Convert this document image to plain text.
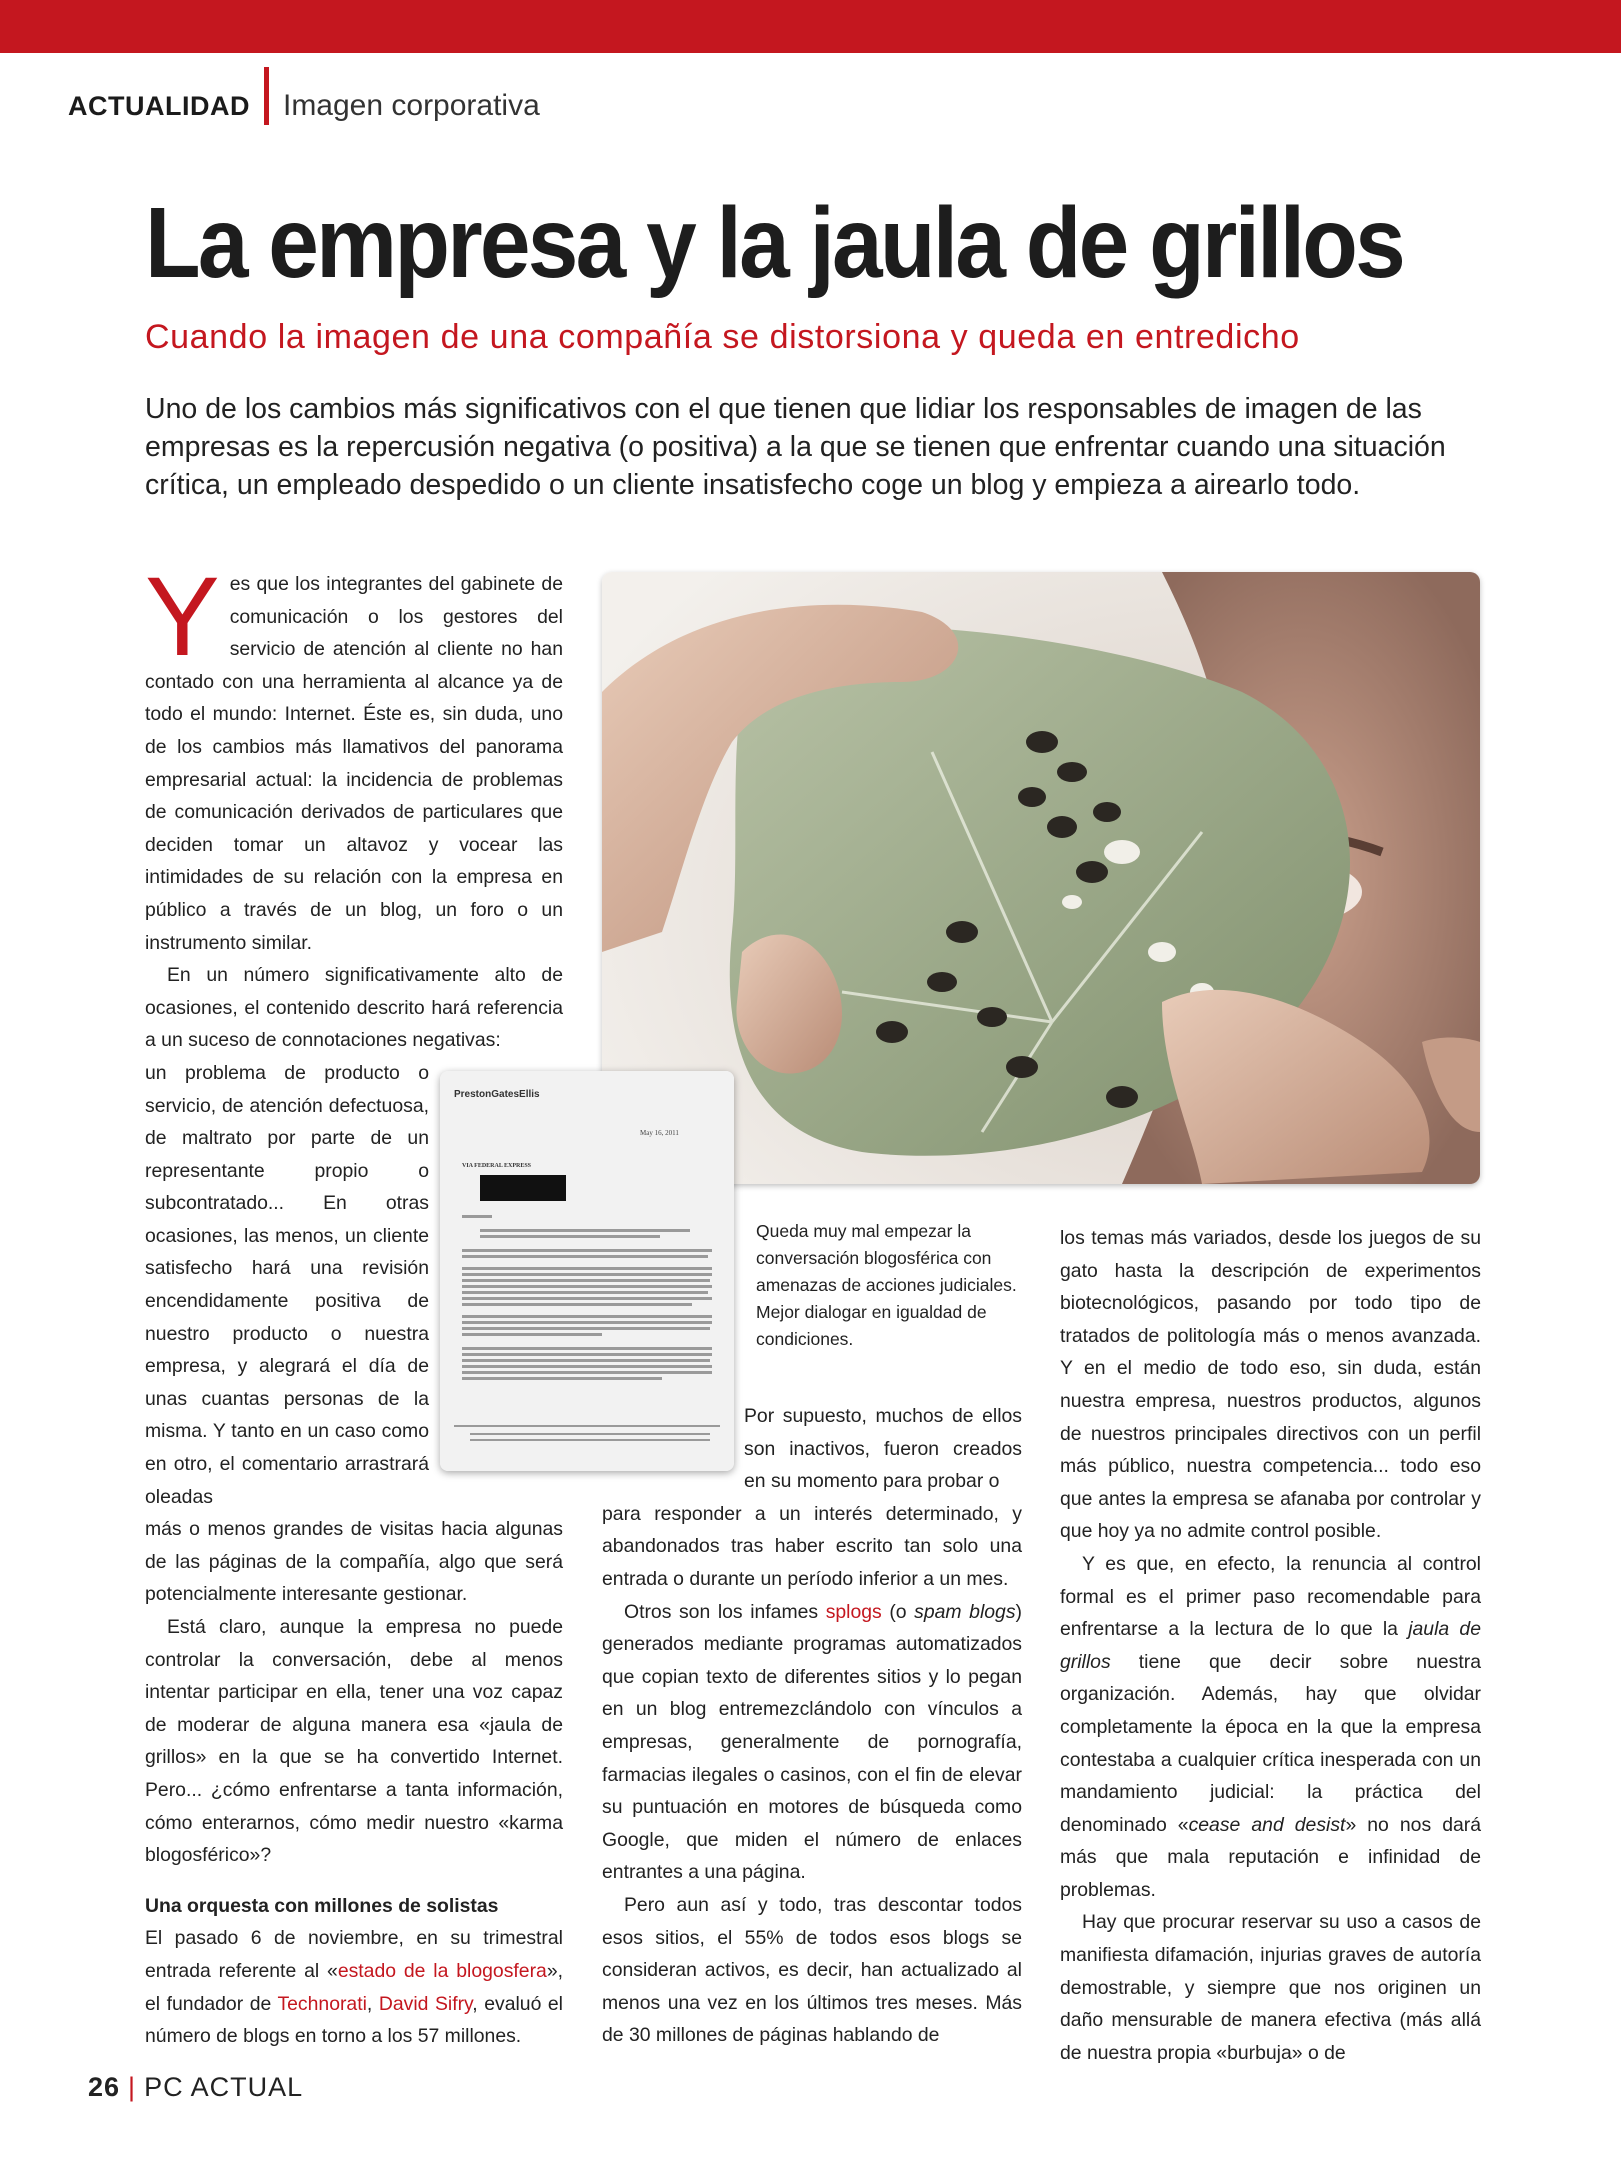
ACTUALIDAD Imagen corporativa
La empresa y la jaula de grillos
Cuando la imagen de una compañía se distorsiona y queda en entredicho

Uno de los cambios más significativos con el que tienen que lidiar los responsables de imagen de las empresas es la repercusión negativa (o positiva) a la que se tienen que enfrentar cuando una situación crítica, un empleado despedido o un cliente insatisfecho coge un blog y empieza a airearlo todo.

Y es que los integrantes del gabinete de comunicación o los gestores del servicio de atención al cliente no han contado con una herramienta al alcance ya de todo el mundo: Internet. Éste es, sin duda, uno de los cambios más llamativos del panorama empresarial actual: la incidencia de problemas de comunicación derivados de particulares que deciden tomar un altavoz y vocear las intimidades de su relación con la empresa en público a través de un blog, un foro o un instrumento similar.

En un número significativamente alto de ocasiones, el contenido descrito hará referencia a un suceso de connotaciones negativas:

un problema de producto o servicio, de atención defectuosa, de maltrato por parte de un representante propio o subcontratado... En otras ocasiones, las menos, un cliente satisfecho hará una revisión encendidamente positiva de nuestro producto o nuestra empresa, y alegrará el día de unas cuantas personas de la misma. Y tanto en un caso como en otro, el comentario arrastrará oleadas

más o menos grandes de visitas hacia algunas de las páginas de la compañía, algo que será potencialmente interesante gestionar.

Está claro, aunque la empresa no puede controlar la conversación, debe al menos intentar participar en ella, tener una voz capaz de moderar de alguna manera esa «jaula de grillos» en la que se ha convertido Internet. Pero... ¿cómo enfrentarse a tanta información, cómo enterarnos, cómo medir nuestro «karma blogosférico»?

Una orquesta con millones de solistas

El pasado 6 de noviembre, en su trimestral entrada referente al «estado de la blogosfera», el fundador de Technorati, David Sifry, evaluó el número de blogs en torno a los 57 millones.

PrestonGatesEllis
May 16, 2011
VIA FEDERAL EXPRESS
Queda muy mal empezar la conversación blogosférica con amenazas de acciones judiciales. Mejor dialogar en igualdad de condiciones.

Por supuesto, muchos de ellos son inactivos, fueron creados en su momento para probar o

para responder a un interés determinado, y abandonados tras haber escrito tan solo una entrada o durante un período inferior a un mes.

Otros son los infames splogs (o spam blogs) generados mediante programas automatizados que copian texto de diferentes sitios y lo pegan en un blog entremezclándolo con vínculos a empresas, generalmente de pornografía, farmacias ilegales o casinos, con el fin de elevar su puntuación en motores de búsqueda como Google, que miden el número de enlaces entrantes a una página.

Pero aun así y todo, tras descontar todos esos sitios, el 55% de todos esos blogs se consideran activos, es decir, han actualizado al menos una vez en los últimos tres meses. Más de 30 millones de páginas hablando de

los temas más variados, desde los juegos de su gato hasta la descripción de experimentos biotecnológicos, pasando por todo tipo de tratados de politología más o menos avanzada. Y en el medio de todo eso, sin duda, están nuestra empresa, nuestros productos, algunos de nuestros principales directivos con un perfil más público, nuestra competencia... todo eso que antes la empresa se afanaba por controlar y que hoy ya no admite control posible.

Y es que, en efecto, la renuncia al control formal es el primer paso recomendable para enfrentarse a la lectura de lo que la jaula de grillos tiene que decir sobre nuestra organización. Además, hay que olvidar completamente la época en la que la empresa contestaba a cualquier crítica inesperada con un mandamiento judicial: la práctica del denominado «cease and desist» no nos dará más que mala reputación e infinidad de problemas.

Hay que procurar reservar su uso a casos de manifiesta difamación, injurias graves de autoría demostrable, y siempre que nos originen un daño mensurable de manera efectiva (más allá de nuestra propia «burbuja» o de

26 | PC ACTUAL
